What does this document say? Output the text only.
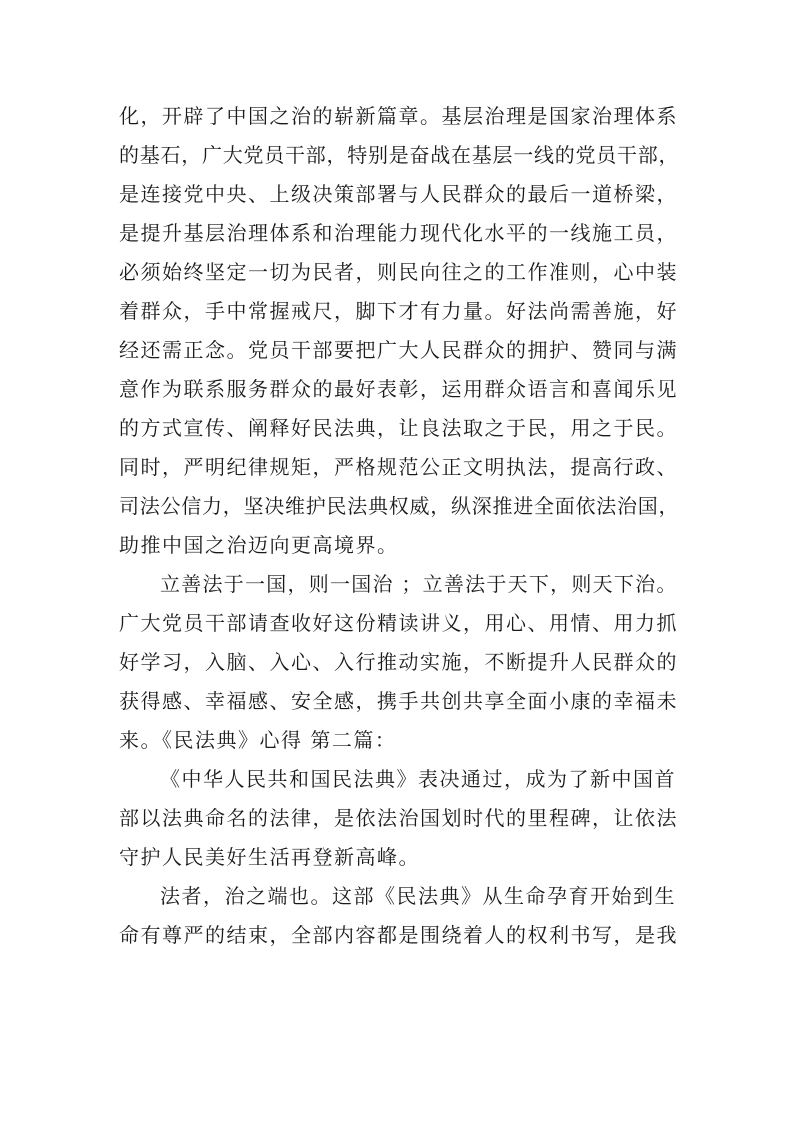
化，开辟了中国之治的崭新篇章。基层治理是国家治理体系
的基石，广大党员干部，特别是奋战在基层一线的党员干部，
是连接党中央、上级决策部署与人民群众的最后一道桥梁，
是提升基层治理体系和治理能力现代化水平的一线施工员，
必须始终坚定一切为民者，则民向往之的工作准则，心中装
着群众，手中常握戒尺，脚下才有力量。好法尚需善施，好
经还需正念。党员干部要把广大人民群众的拥护、赞同与满
意作为联系服务群众的最好表彰，运用群众语言和喜闻乐见
的方式宣传、阐释好民法典，让良法取之于民，用之于民。
同时，严明纪律规矩，严格规范公正文明执法，提高行政、
司法公信力，坚决维护民法典权威，纵深推进全面依法治国，
助推中国之治迈向更高境界。
立善法于一国，则一国治 ；立善法于天下，则天下治。
广大党员干部请查收好这份精读讲义，用心、用情、用力抓
好学习，入脑、入心、入行推动实施，不断提升人民群众的
获得感、幸福感、安全感，携手共创共享全面小康的幸福未
来。《民法典》心得 第二篇：
《中华人民共和国民法典》表决通过，成为了新中国首
部以法典命名的法律，是依法治国划时代的里程碑，让依法
守护人民美好生活再登新高峰。
法者，治之端也。这部《民法典》从生命孕育开始到生
命有尊严的结束，全部内容都是围绕着人的权利书写，是我
